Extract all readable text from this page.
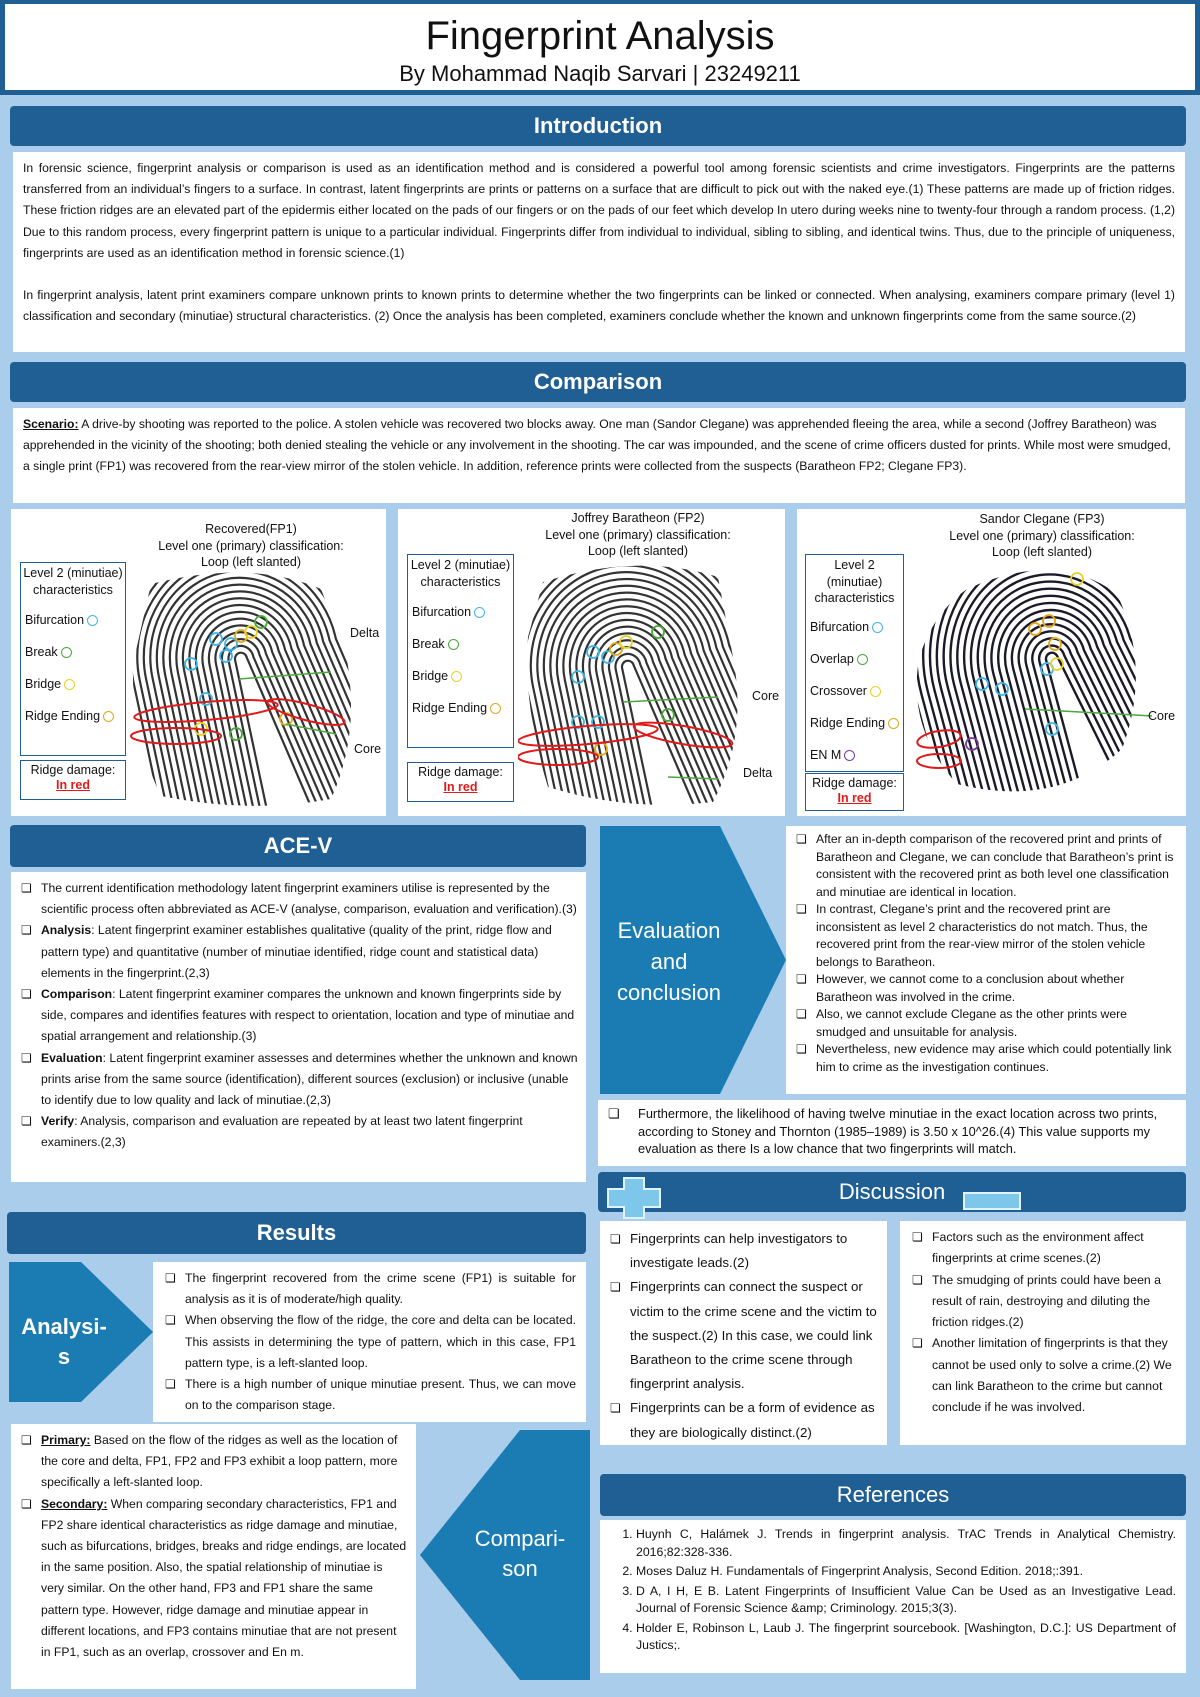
Fingerprint Analysis
By Mohammad Naqib Sarvari | 23249211
Introduction

In forensic science, fingerprint analysis or comparison is used as an identification method and is considered a powerful tool among forensic scientists and crime investigators. Fingerprints are the patterns transferred from an individual’s fingers to a surface. In contrast, latent fingerprints are prints or patterns on a surface that are difficult to pick out with the naked eye.(1) These patterns are made up of friction ridges. These friction ridges are an elevated part of the epidermis either located on the pads of our fingers or on the pads of our feet which develop In utero during weeks nine to twenty-four through a random process. (1,2) Due to this random process, every fingerprint pattern is unique to a particular individual. Fingerprints differ from individual to individual, sibling to sibling, and identical twins. Thus, due to the principle of uniqueness, fingerprints are used as an identification method in forensic science.(1)

In fingerprint analysis, latent print examiners compare unknown prints to known prints to determine whether the two fingerprints can be linked or connected. When analysing, examiners compare primary (level 1) classification and secondary (minutiae) structural characteristics. (2) Once the analysis has been completed, examiners conclude whether the known and unknown fingerprints come from the same source.(2)

Comparison
Scenario: A drive-by shooting was reported to the police. A stolen vehicle was recovered two blocks away. One man (Sandor Clegane) was apprehended fleeing the area, while a second (Joffrey Baratheon) was apprehended in the vicinity of the shooting; both denied stealing the vehicle or any involvement in the shooting. The car was impounded, and the scene of crime officers dusted for prints. While most were smudged, a single print (FP1) was recovered from the rear-view mirror of the stolen vehicle. In addition, reference prints were collected from the suspects (Baratheon FP2; Clegane FP3).
Recovered(FP1)
Level one (primary) classification:
Loop (left slanted)
Level 2 (minutiae) characteristics
Bifurcation
Break
Bridge
Ridge Ending
Ridge damage:
In red
Delta
Core
Joffrey Baratheon (FP2)
Level one (primary) classification:
Loop (left slanted)
Level 2 (minutiae) characteristics
Bifurcation
Break
Bridge
Ridge Ending
Ridge damage:
In red
Core
Delta
Sandor Clegane (FP3)
Level one (primary) classification:
Loop (left slanted)
Level 2 (minutiae) characteristics
Bifurcation
Overlap
Crossover
Ridge Ending
EN M
Ridge damage:
In red
Core
ACE-V
❏ The current identification methodology latent fingerprint examiners utilise is represented by the scientific process often abbreviated as ACE-V (analyse, comparison, evaluation and verification).(3)
❏ Analysis: Latent fingerprint examiner establishes qualitative (quality of the print, ridge flow and pattern type) and quantitative (number of minutiae identified, ridge count and statistical data) elements in the fingerprint.(2,3)
❏ Comparison: Latent fingerprint examiner compares the unknown and known fingerprints side by side, compares and identifies features with respect to orientation, location and type of minutiae and spatial arrangement and relationship.(3)
❏ Evaluation: Latent fingerprint examiner assesses and determines whether the unknown and known prints arise from the same source (identification), different sources (exclusion) or inclusive (unable to identify due to low quality and lack of minutiae.(2,3)
❏ Verify: Analysis, comparison and evaluation are repeated by at least two latent fingerprint examiners.(2,3)
Evaluation
and
conclusion
❏ After an in-depth comparison of the recovered print and prints of Baratheon and Clegane, we can conclude that Baratheon’s print is consistent with the recovered print as both level one classification and minutiae are identical in location.
❏ In contrast, Clegane’s print and the recovered print are inconsistent as level 2 characteristics do not match. Thus, the recovered print from the rear-view mirror of the stolen vehicle belongs to Baratheon.
❏ However, we cannot come to a conclusion about whether Baratheon was involved in the crime.
❏ Also, we cannot exclude Clegane as the other prints were smudged and unsuitable for analysis.
❏ Nevertheless, new evidence may arise which could potentially link him to crime as the investigation continues.
❏ Furthermore, the likelihood of having twelve minutiae in the exact location across two prints, according to Stoney and Thornton (1985–1989) is 3.50 x 10^26.(4) This value supports my evaluation as there Is a low chance that two fingerprints will match.
Discussion
❏ Fingerprints can help investigators to investigate leads.(2)
❏ Fingerprints can connect the suspect or victim to the crime scene and the victim to the suspect.(2) In this case, we could link Baratheon to the crime scene through fingerprint analysis.
❏ Fingerprints can be a form of evidence as they are biologically distinct.(2)
❏ Factors such as the environment affect fingerprints at crime scenes.(2)
❏ The smudging of prints could have been a result of rain, destroying and diluting the friction ridges.(2)
❏ Another limitation of fingerprints is that they cannot be used only to solve a crime.(2) We can link Baratheon to the crime but cannot conclude if he was involved.
Results
Analysi-
s
❏ The fingerprint recovered from the crime scene (FP1) is suitable for analysis as it is of moderate/high quality.
❏ When observing the flow of the ridge, the core and delta can be located. This assists in determining the type of pattern, which in this case, FP1 pattern type, is a left-slanted loop.
❏ There is a high number of unique minutiae present. Thus, we can move on to the comparison stage.
❏ Primary: Based on the flow of the ridges as well as the location of the core and delta, FP1, FP2 and FP3 exhibit a loop pattern, more specifically a left-slanted loop.
❏ Secondary: When comparing secondary characteristics, FP1 and FP2 share identical characteristics as ridge damage and minutiae, such as bifurcations, bridges, breaks and ridge endings, are located in the same position. Also, the spatial relationship of minutiae is very similar. On the other hand, FP3 and FP1 share the same pattern type. However, ridge damage and minutiae appear in different locations, and FP3 contains minutiae that are not present in FP1, such as an overlap, crossover and En m.
Compari-
son
References
1. Huynh C, Halámek J. Trends in fingerprint analysis. TrAC Trends in Analytical Chemistry. 2016;82:328-336.
2. Moses Daluz H. Fundamentals of Fingerprint Analysis, Second Edition. 2018;:391.
3. D A, I H, E B. Latent Fingerprints of Insufficient Value Can be Used as an Investigative Lead. Journal of Forensic Science &amp; Criminology. 2015;3(3).
4. Holder E, Robinson L, Laub J. The fingerprint sourcebook. [Washington, D.C.]: US Department of Justics;.
